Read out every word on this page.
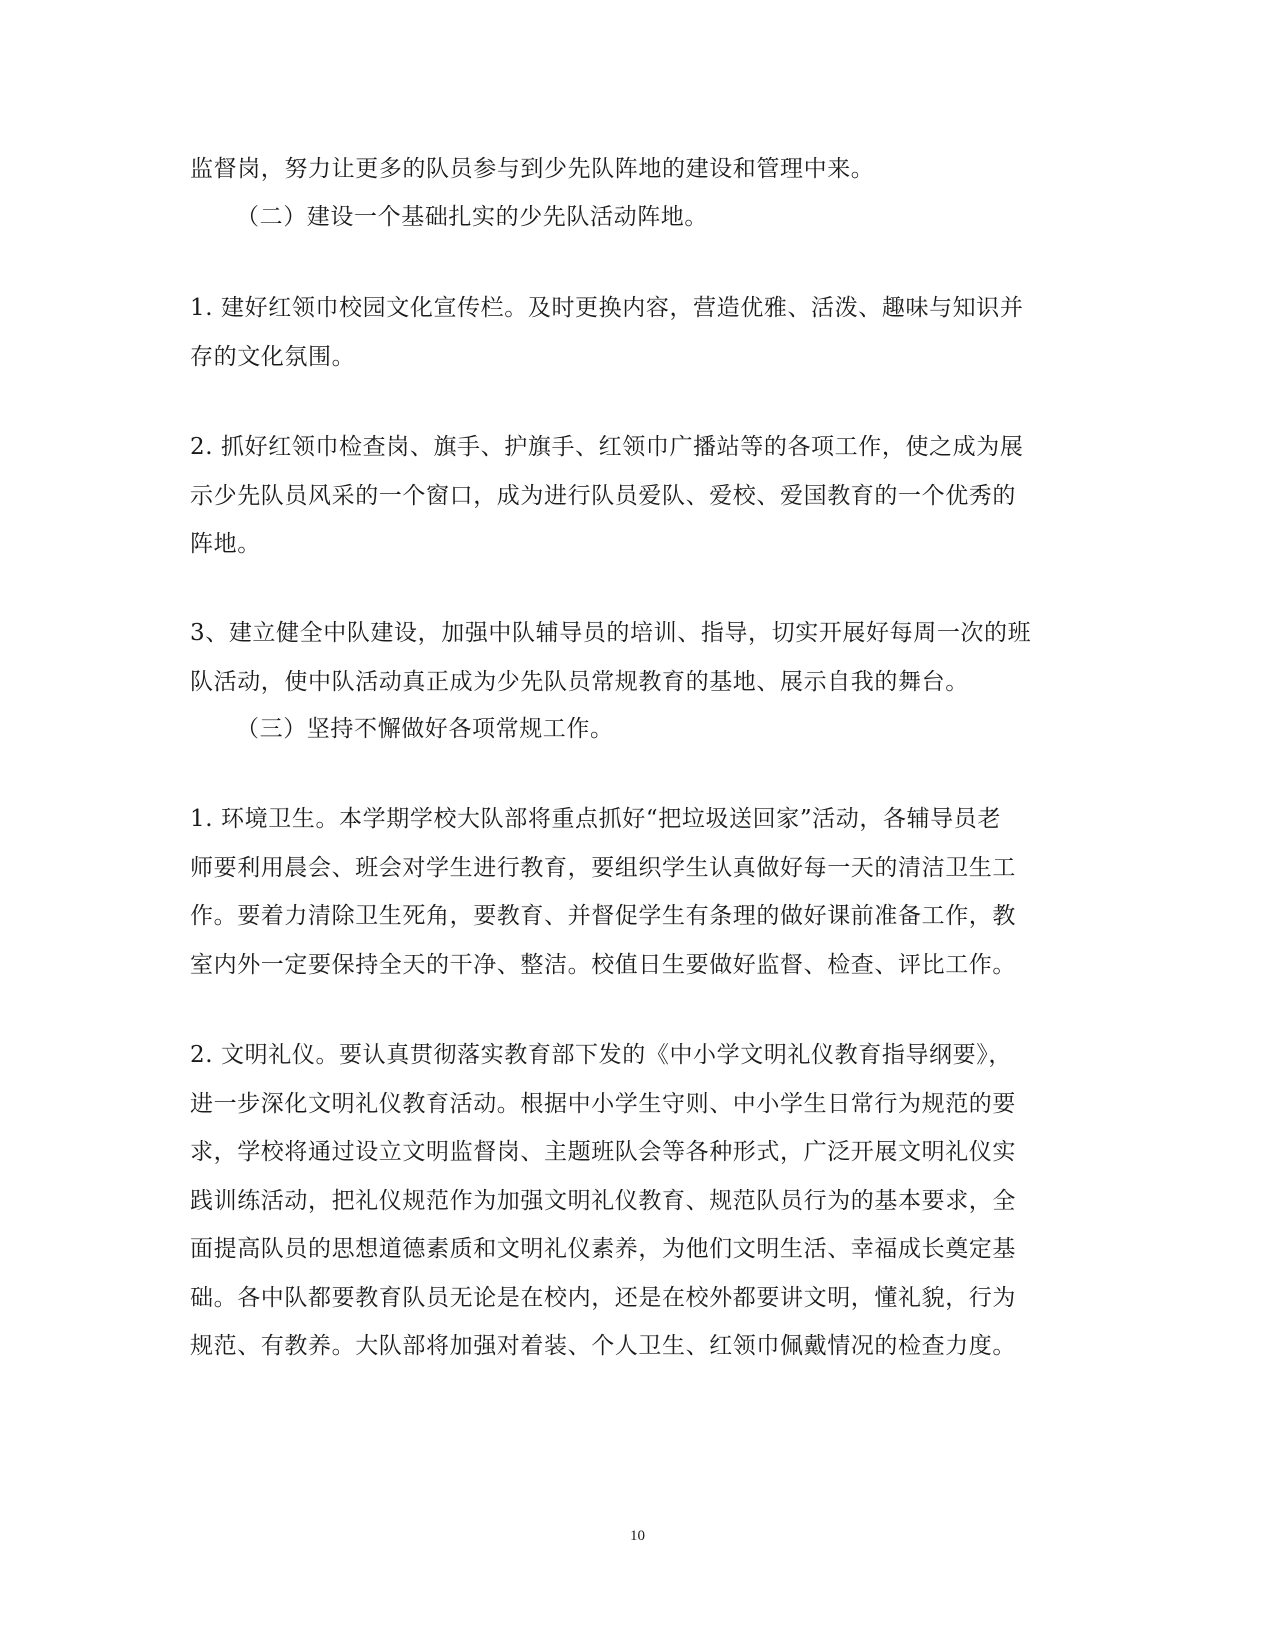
监督岗，努力让更多的队员参与到少先队阵地的建设和管理中来。

（二）建设一个基础扎实的少先队活动阵地。

1. 建好红领巾校园文化宣传栏。及时更换内容，营造优雅、活泼、趣味与知识并
存的文化氛围。

2. 抓好红领巾检查岗、旗手、护旗手、红领巾广播站等的各项工作，使之成为展
示少先队员风采的一个窗口，成为进行队员爱队、爱校、爱国教育的一个优秀的
阵地。

3、建立健全中队建设，加强中队辅导员的培训、指导，切实开展好每周一次的班
队活动，使中队活动真正成为少先队员常规教育的基地、展示自我的舞台。

（三）坚持不懈做好各项常规工作。

1. 环境卫生。本学期学校大队部将重点抓好“把垃圾送回家”活动，各辅导员老
师要利用晨会、班会对学生进行教育，要组织学生认真做好每一天的清洁卫生工
作。要着力清除卫生死角，要教育、并督促学生有条理的做好课前准备工作，教
室内外一定要保持全天的干净、整洁。校值日生要做好监督、检查、评比工作。

2. 文明礼仪。要认真贯彻落实教育部下发的《中小学文明礼仪教育指导纲要》，
进一步深化文明礼仪教育活动。根据中小学生守则、中小学生日常行为规范的要
求，学校将通过设立文明监督岗、主题班队会等各种形式，广泛开展文明礼仪实
践训练活动，把礼仪规范作为加强文明礼仪教育、规范队员行为的基本要求，全
面提高队员的思想道德素质和文明礼仪素养，为他们文明生活、幸福成长奠定基
础。各中队都要教育队员无论是在校内，还是在校外都要讲文明，懂礼貌，行为
规范、有教养。大队部将加强对着装、个人卫生、红领巾佩戴情况的检查力度。

10
